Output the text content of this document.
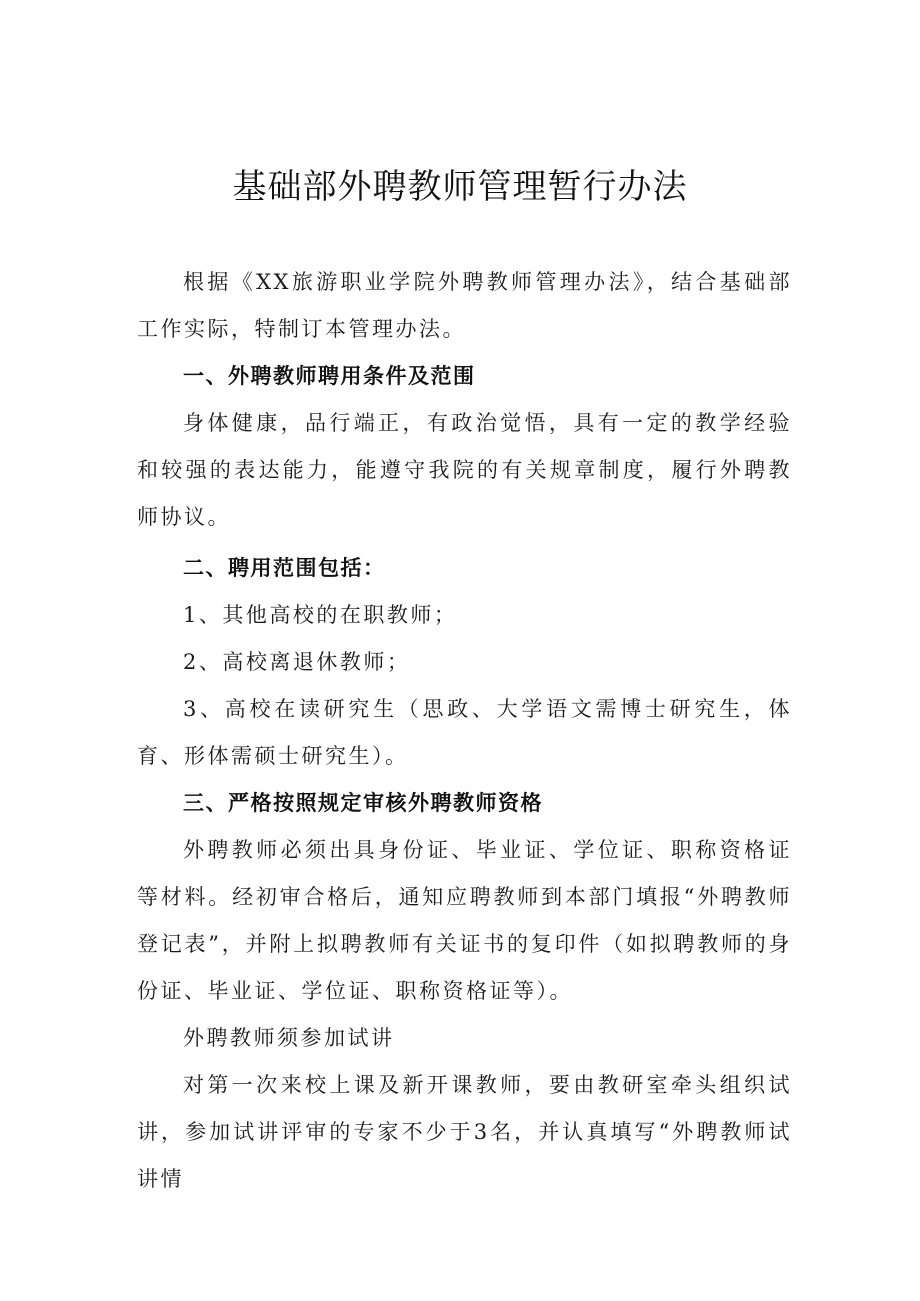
基础部外聘教师管理暂行办法

根据《XX旅游职业学院外聘教师管理办法》，结合基础部工作实际，特制订本管理办法。

一、外聘教师聘用条件及范围

身体健康，品行端正，有政治觉悟，具有一定的教学经验和较强的表达能力，能遵守我院的有关规章制度，履行外聘教师协议。

二、聘用范围包括：

1、其他高校的在职教师；

2、高校离退休教师；

3、高校在读研究生（思政、大学语文需博士研究生，体育、形体需硕士研究生）。

三、严格按照规定审核外聘教师资格

外聘教师必须出具身份证、毕业证、学位证、职称资格证等材料。经初审合格后，通知应聘教师到本部门填报“外聘教师登记表”，并附上拟聘教师有关证书的复印件（如拟聘教师的身份证、毕业证、学位证、职称资格证等）。

外聘教师须参加试讲

对第一次来校上课及新开课教师，要由教研室牵头组织试讲，参加试讲评审的专家不少于3名，并认真填写“外聘教师试讲情
